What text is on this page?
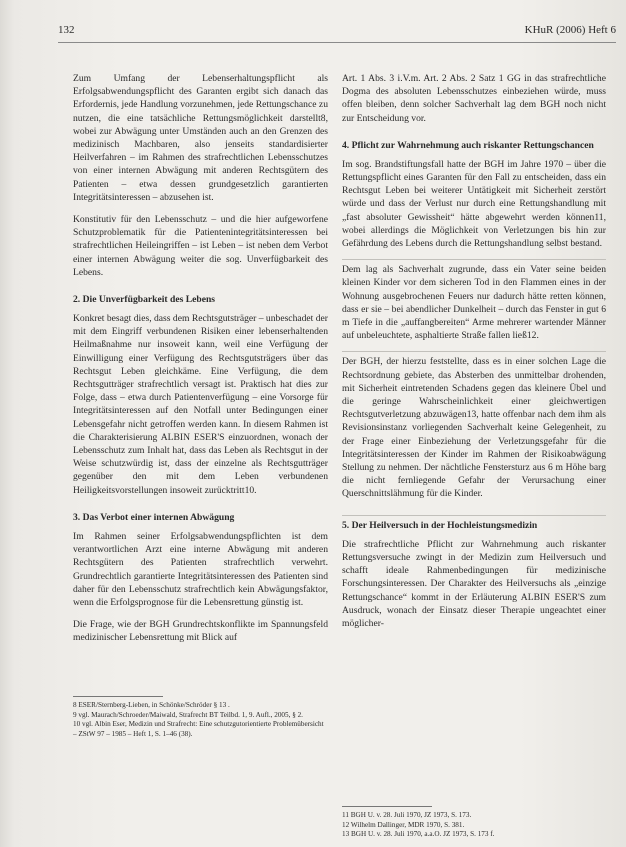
132	KHuR (2006) Heft 6

Zum Umfang der Lebenserhaltungspflicht als Erfolgsabwendungspflicht des Garanten ergibt sich danach das Erfordernis, jede Handlung vorzunehmen, jede Rettungschance zu nutzen, die eine tatsächliche Rettungsmöglichkeit darstellt8, wobei zur Abwägung unter Umständen auch an den Grenzen des medizinisch Machbaren, also jenseits standardisierter Heilverfahren – im Rahmen des strafrechtlichen Lebensschutzes von einer internen Abwägung mit anderen Rechtsgütern des Patienten – etwa dessen grundgesetzlich garantierten Integritätsinteressen – abzusehen ist.

Konstitutiv für den Lebensschutz – und die hier aufgeworfene Schutzproblematik für die Patientenintegritätsinteressen bei strafrechtlichen Heileingriffen – ist Leben – ist neben dem Verbot einer internen Abwägung weiter die sog. Unverfügbarkeit des Lebens.

2. Die Unverfügbarkeit des Lebens

Konkret besagt dies, dass dem Rechtsgutsträger – unbeschadet der mit dem Eingriff verbundenen Risiken einer lebenserhaltenden Heilmaßnahme nur insoweit kann, weil eine Verfügung der Einwilligung einer Verfügung des Rechtsgutsträgers über das Rechtsgut Leben gleichkäme. Eine Verfügung, die dem Rechtsgutträger strafrechtlich versagt ist. Praktisch hat dies zur Folge, dass – etwa durch Patientenverfügung – eine Vorsorge für Integritätsinteressen auf den Notfall unter Bedingungen einer Lebensgefahr nicht getroffen werden kann. In diesem Rahmen ist die Charakterisierung ALBIN ESER'S einzuordnen, wonach der Lebensschutz zum Inhalt hat, dass das Leben als Rechtsgut in der Weise schutzwürdig ist, dass der einzelne als Rechtsgutträger gegenüber den mit dem Leben verbundenen Heiligkeitsvorstellungen insoweit zurücktritt10.

3. Das Verbot einer internen Abwägung

Im Rahmen seiner Erfolgsabwendungspflichten ist dem verantwortlichen Arzt eine interne Abwägung mit anderen Rechtsgütern des Patienten strafrechtlich verwehrt. Grundrechtlich garantierte Integritätsinteressen des Patienten sind daher für den Lebensschutz strafrechtlich kein Abwägungsfaktor, wenn die Erfolgsprognose für die Lebensrettung günstig ist.

Die Frage, wie der BGH Grundrechtskonflikte im Spannungsfeld medizinischer Lebensrettung mit Blick auf

8 ESER/Sternberg-Lieben, in Schönke/Schröder § 13 .

9 vgl. Maurach/Schroeder/Maiwald, Strafrecht BT Teilbd. 1, 9. Aufl., 2005, § 2.

10 vgl. Albin Eser, Medizin und Strafrecht: Eine schutzgutorientierte Problemübersicht – ZStW 97 – 1985 – Heft 1, S. 1–46 (38).

Art. 1 Abs. 3 i.V.m. Art. 2 Abs. 2 Satz 1 GG in das strafrechtliche Dogma des absoluten Lebensschutzes einbeziehen würde, muss offen bleiben, denn solcher Sachverhalt lag dem BGH noch nicht zur Entscheidung vor.

4. Pflicht zur Wahrnehmung auch riskanter Rettungschancen

Im sog. Brandstiftungsfall hatte der BGH im Jahre 1970 – über die Rettungspflicht eines Garanten für den Fall zu entscheiden, dass ein Rechtsgut Leben bei weiterer Untätigkeit mit Sicherheit zerstört würde und dass der Verlust nur durch eine Rettungshandlung mit „fast absoluter Gewissheit“ hätte abgewehrt werden können11, wobei allerdings die Möglichkeit von Verletzungen bis hin zur Gefährdung des Lebens durch die Rettungshandlung selbst bestand.

Dem lag als Sachverhalt zugrunde, dass ein Vater seine beiden kleinen Kinder vor dem sicheren Tod in den Flammen eines in der Wohnung ausgebrochenen Feuers nur dadurch hätte retten können, dass er sie – bei abendlicher Dunkelheit – durch das Fenster in gut 6 m Tiefe in die „auffangbereiten“ Arme mehrerer wartender Männer auf unbeleuchtete, asphaltierte Straße fallen ließ12.

Der BGH, der hierzu feststellte, dass es in einer solchen Lage die Rechtsordnung gebiete, das Absterben des unmittelbar drohenden, mit Sicherheit eintretenden Schadens gegen das kleinere Übel und die geringe Wahrscheinlichkeit einer gleichwertigen Rechtsgutverletzung abzuwägen13, hatte offenbar nach dem ihm als Revisionsinstanz vorliegenden Sachverhalt keine Gelegenheit, zu der Frage einer Einbeziehung der Verletzungsgefahr für die Integritätsinteressen der Kinder im Rahmen der Risikoabwägung Stellung zu nehmen. Der nächtliche Fenstersturz aus 6 m Höhe barg die nicht fernliegende Gefahr der Verursachung einer Querschnittslähmung für die Kinder.

5. Der Heilversuch in der Hochleistungsmedizin

Die strafrechtliche Pflicht zur Wahrnehmung auch riskanter Rettungsversuche zwingt in der Medizin zum Heilversuch und schafft ideale Rahmenbedingungen für medizinische Forschungsinteressen. Der Charakter des Heilversuchs als „einzige Rettungschance“ kommt in der Erläuterung ALBIN ESER'S zum Ausdruck, wonach der Einsatz dieser Therapie ungeachtet einer möglicher-

11 BGH U. v. 28. Juli 1970, JZ 1973, S. 173.

12 Wilhelm Dallinger, MDR 1970, S. 381.

13 BGH U. v. 28. Juli 1970, a.a.O. JZ 1973, S. 173 f.
